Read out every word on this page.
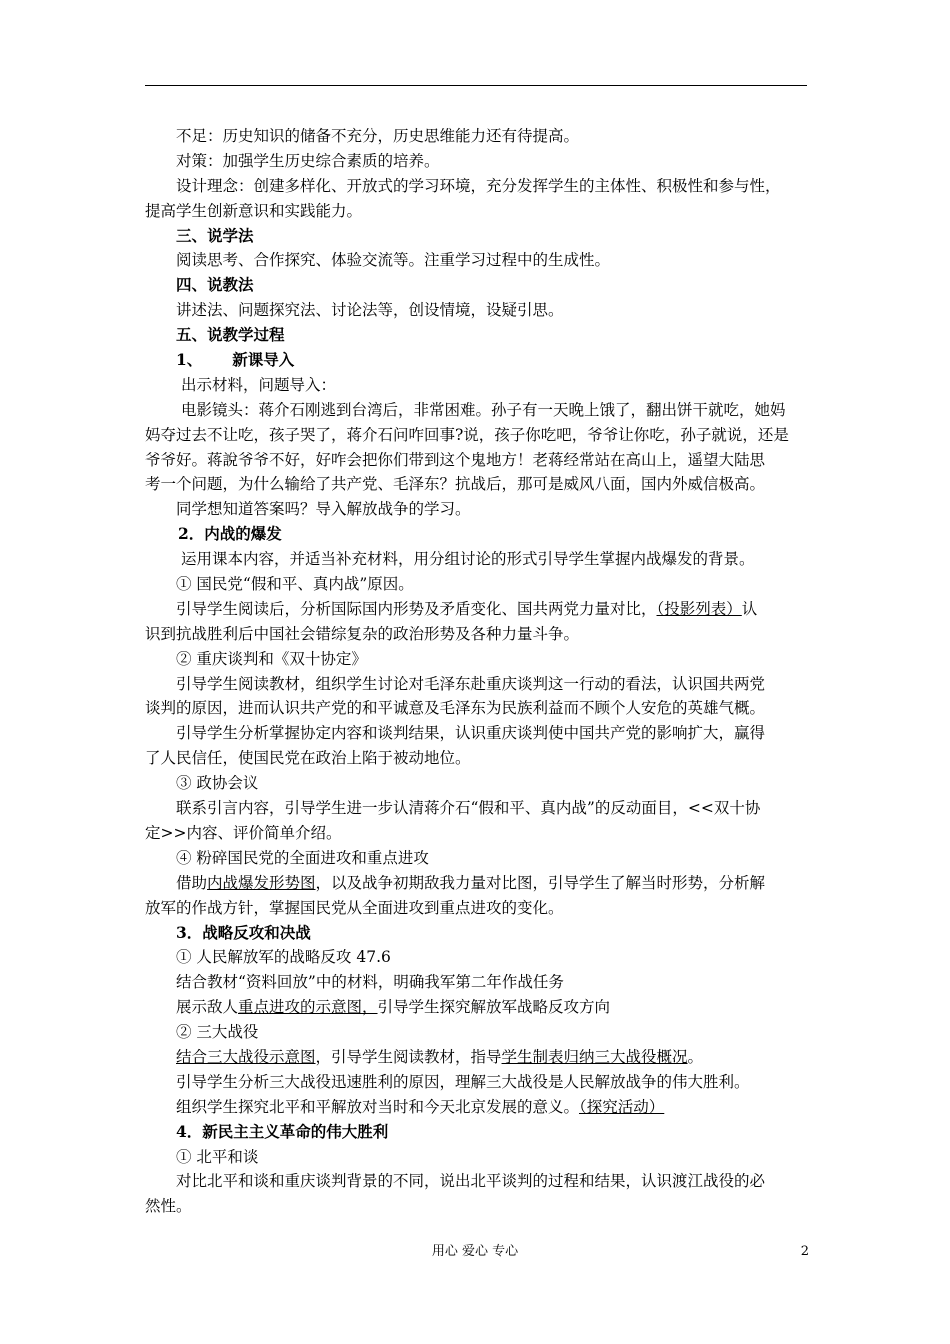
不足：历史知识的储备不充分，历史思维能力还有待提高。
对策：加强学生历史综合素质的培养。
设计理念：创建多样化、开放式的学习环境，充分发挥学生的主体性、积极性和参与性，
提高学生创新意识和实践能力。
三、说学法
阅读思考、合作探究、体验交流等。注重学习过程中的生成性。
四、说教法
讲述法、问题探究法、讨论法等，创设情境，设疑引思。
五、说教学过程
1、 新课导入
出示材料，问题导入：
电影镜头：蒋介石刚逃到台湾后，非常困难。孙子有一天晚上饿了，翻出饼干就吃，她妈
妈夺过去不让吃，孩子哭了，蒋介石问咋回事?说，孩子你吃吧，爷爷让你吃，孙子就说，还是
爷爷好。蒋說爷爷不好，好咋会把你们带到这个鬼地方！老蒋经常站在高山上，遥望大陆思
考一个问题，为什么输给了共产党、毛泽东？抗战后，那可是威风八面，国内外威信极高。
同学想知道答案吗？导入解放战争的学习。
2．内战的爆发
运用课本内容，并适当补充材料，用分组讨论的形式引导学生掌握内战爆发的背景。
① 国民党“假和平、真内战”原因。
引导学生阅读后，分析国际国内形势及矛盾变化、国共两党力量对比，（投影列表）认
识到抗战胜利后中国社会错综复杂的政治形势及各种力量斗争。
② 重庆谈判和《双十协定》
引导学生阅读教材，组织学生讨论对毛泽东赴重庆谈判这一行动的看法，认识国共两党
谈判的原因，进而认识共产党的和平诚意及毛泽东为民族利益而不顾个人安危的英雄气概。
引导学生分析掌握协定内容和谈判结果，认识重庆谈判使中国共产党的影响扩大，赢得
了人民信任，使国民党在政治上陷于被动地位。
③ 政协会议
联系引言内容，引导学生进一步认清蒋介石“假和平、真内战”的反动面目，<<双十协
定>>内容、评价简单介绍。
④ 粉碎国民党的全面进攻和重点进攻
借助内战爆发形势图，以及战争初期敌我力量对比图，引导学生了解当时形势，分析解
放军的作战方针，掌握国民党从全面进攻到重点进攻的变化。
3．战略反攻和决战
① 人民解放军的战略反攻 47.6
结合教材“资料回放”中的材料，明确我军第二年作战任务
展示敌人重点进攻的示意图，引导学生探究解放军战略反攻方向
② 三大战役
结合三大战役示意图，引导学生阅读教材，指导学生制表归纳三大战役概况。
引导学生分析三大战役迅速胜利的原因，理解三大战役是人民解放战争的伟大胜利。
组织学生探究北平和平解放对当时和今天北京发展的意义。（探究活动）
4．新民主主义革命的伟大胜利
① 北平和谈
对比北平和谈和重庆谈判背景的不同，说出北平谈判的过程和结果，认识渡江战役的必
然性。
用心 爱心 专心	2
